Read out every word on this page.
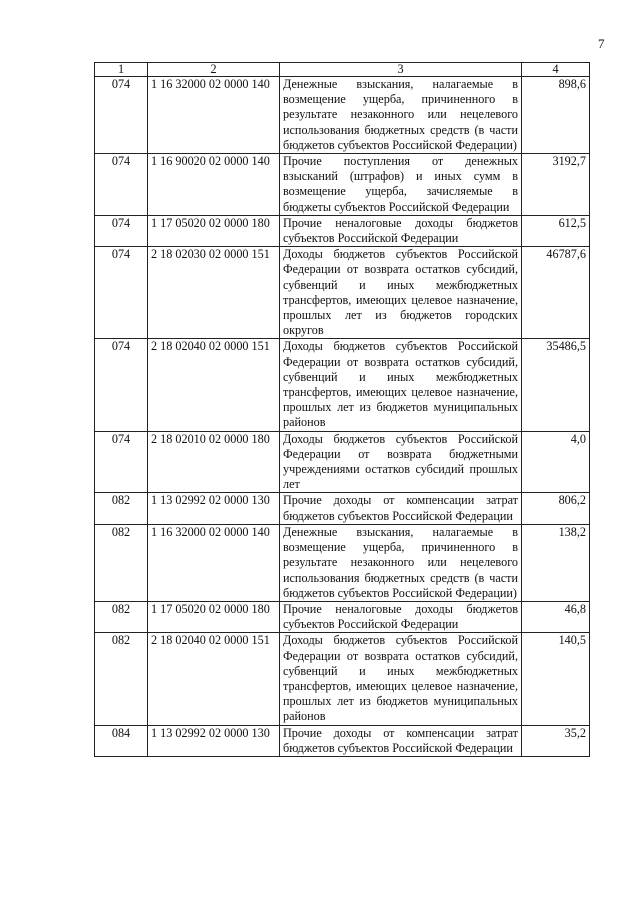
7
1	2	3	4
074	1 16 32000 02 0000 140	Денежные взыскания, налагаемые в возмещение ущерба, причиненного в результате незаконного или нецелевого использования бюджетных средств (в части бюджетов субъектов Российской Федерации)	898,6
074	1 16 90020 02 0000 140	Прочие поступления от денежных взысканий (штрафов) и иных сумм в возмещение ущерба, зачисляемые в бюджеты субъектов Российской Федерации	3192,7
074	1 17 05020 02 0000 180	Прочие неналоговые доходы бюджетов субъектов Российской Федерации	612,5
074	2 18 02030 02 0000 151	Доходы бюджетов субъектов Российской Федерации от возврата остатков субсидий, субвенций и иных межбюджетных трансфертов, имеющих целевое назначение, прошлых лет из бюджетов городских округов	46787,6
074	2 18 02040 02 0000 151	Доходы бюджетов субъектов Российской Федерации от возврата остатков субсидий, субвенций и иных межбюджетных трансфертов, имеющих целевое назначение, прошлых лет из бюджетов муниципальных районов	35486,5
074	2 18 02010 02 0000 180	Доходы бюджетов субъектов Российской Федерации от возврата бюджетными учреждениями остатков субсидий прошлых лет	4,0
082	1 13 02992 02 0000 130	Прочие доходы от компенсации затрат бюджетов субъектов Российской Федерации	806,2
082	1 16 32000 02 0000 140	Денежные взыскания, налагаемые в возмещение ущерба, причиненного в результате незаконного или нецелевого использования бюджетных средств (в части бюджетов субъектов Российской Федерации)	138,2
082	1 17 05020 02 0000 180	Прочие неналоговые доходы бюджетов субъектов Российской Федерации	46,8
082	2 18 02040 02 0000 151	Доходы бюджетов субъектов Российской Федерации от возврата остатков субсидий, субвенций и иных межбюджетных трансфертов, имеющих целевое назначение, прошлых лет из бюджетов муниципальных районов	140,5
084	1 13 02992 02 0000 130	Прочие доходы от компенсации затрат бюджетов субъектов Российской Федерации	35,2
